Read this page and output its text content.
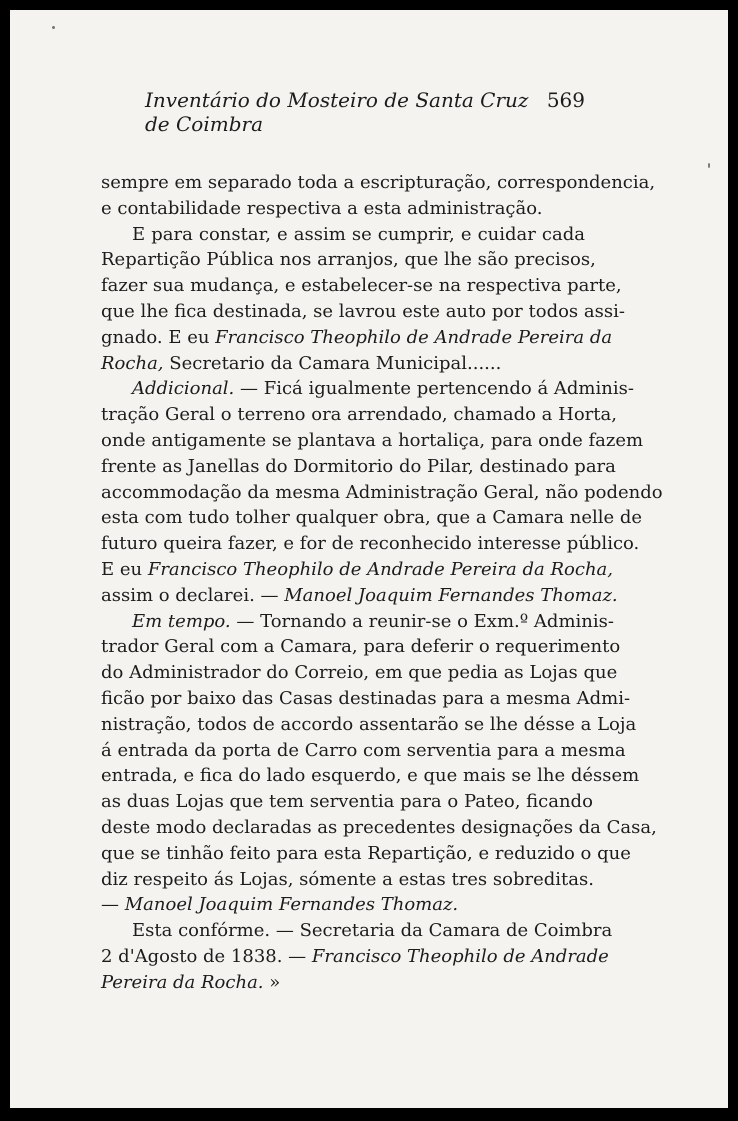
Inventário do Mosteiro de Santa Cruz de Coimbra
569
sempre em separado toda a escripturação, correspondencia,
e contabilidade respectiva a esta administração.
E para constar, e assim se cumprir, e cuidar cada
Repartição Pública nos arranjos, que lhe são precisos,
fazer sua mudança, e estabelecer-se na respectiva parte,
que lhe fica destinada, se lavrou este auto por todos assi-
gnado. E eu Francisco Theophilo de Andrade Pereira da
Rocha, Secretario da Camara Municipal......
Addicional. — Ficá igualmente pertencendo á Adminis-
tração Geral o terreno ora arrendado, chamado a Horta,
onde antigamente se plantava a hortaliça, para onde fazem
frente as Janellas do Dormitorio do Pilar, destinado para
accommodação da mesma Administração Geral, não podendo
esta com tudo tolher qualquer obra, que a Camara nelle de
futuro queira fazer, e for de reconhecido interesse público.
E eu Francisco Theophilo de Andrade Pereira da Rocha,
assim o declarei. — Manoel Joaquim Fernandes Thomaz.
Em tempo. — Tornando a reunir-se o Exm.º Adminis-
trador Geral com a Camara, para deferir o requerimento
do Administrador do Correio, em que pedia as Lojas que
ficão por baixo das Casas destinadas para a mesma Admi-
nistração, todos de accordo assentarão se lhe désse a Loja
á entrada da porta de Carro com serventia para a mesma
entrada, e fica do lado esquerdo, e que mais se lhe déssem
as duas Lojas que tem serventia para o Pateo, ficando
deste modo declaradas as precedentes designações da Casa,
que se tinhão feito para esta Repartição, e reduzido o que
diz respeito ás Lojas, sómente a estas tres sobreditas.
— Manoel Joaquim Fernandes Thomaz.
Esta confórme. — Secretaria da Camara de Coimbra
2 d'Agosto de 1838. — Francisco Theophilo de Andrade
Pereira da Rocha. »
